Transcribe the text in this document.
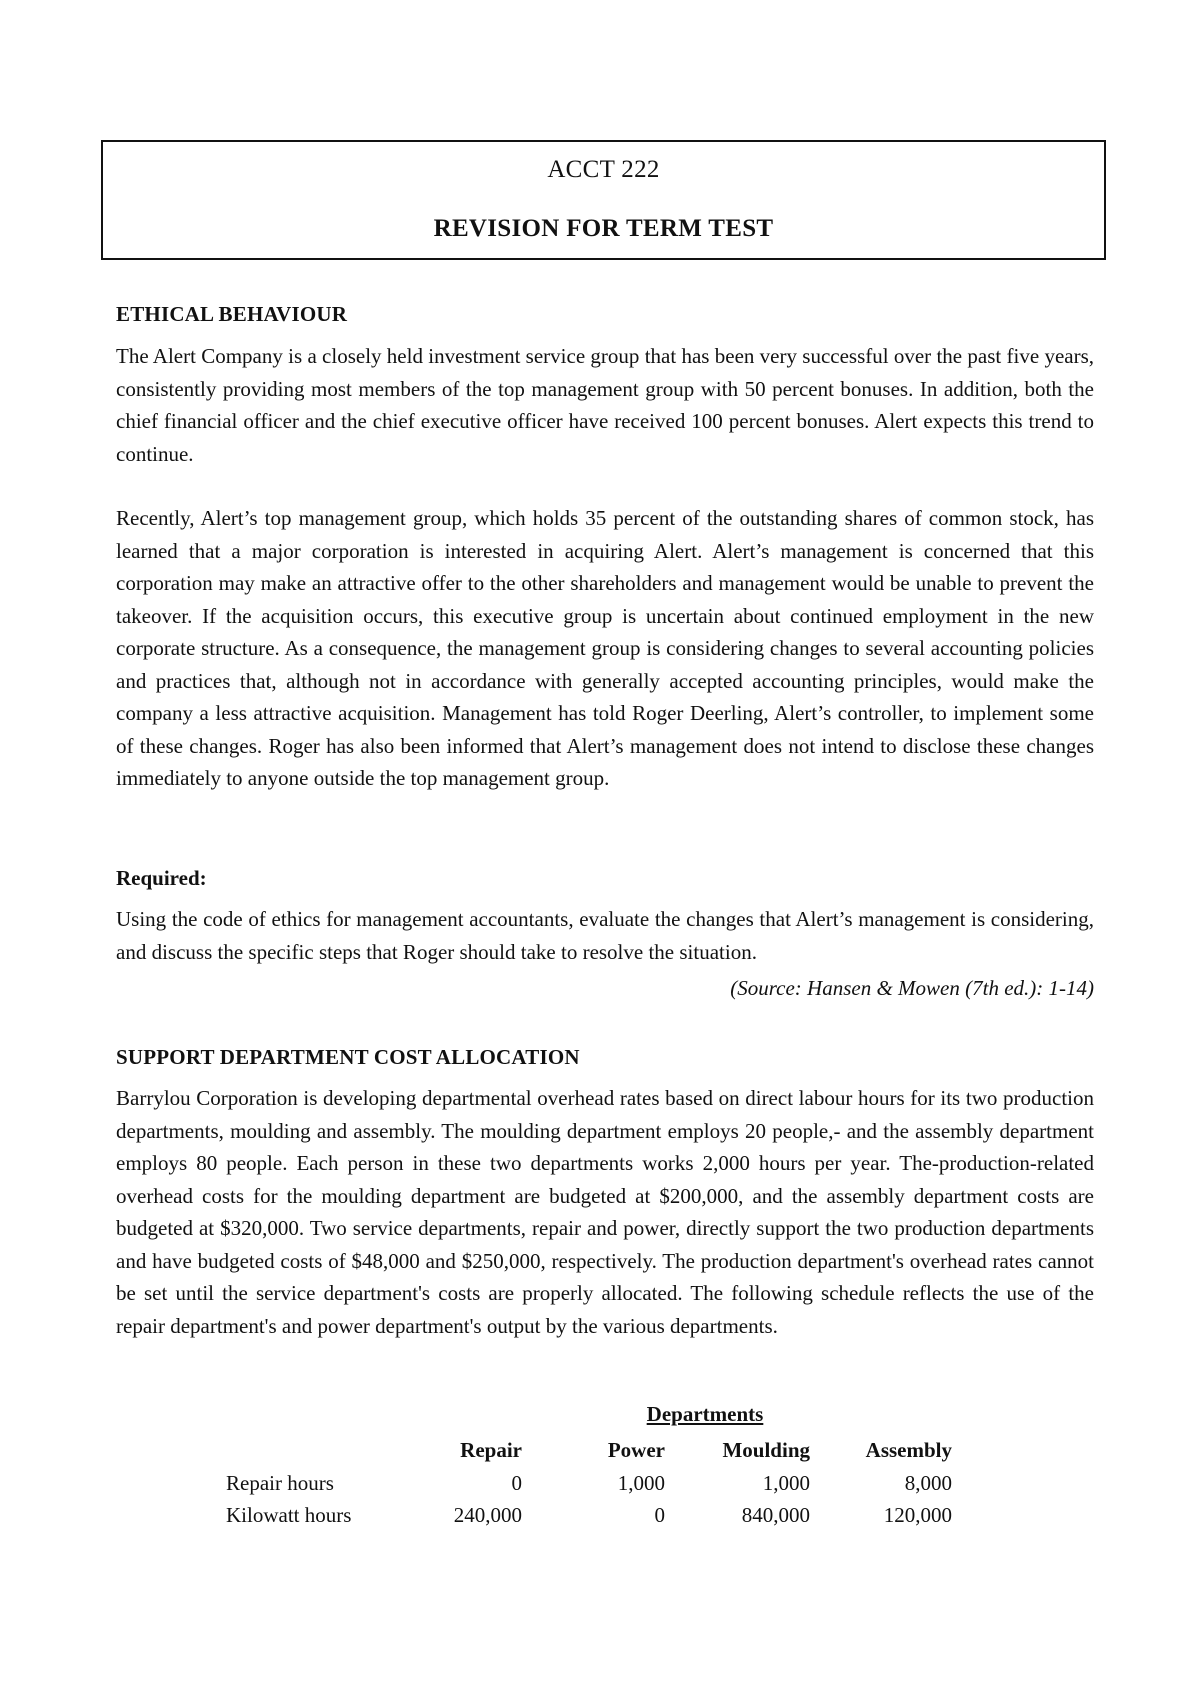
ACCT 222
REVISION FOR TERM TEST
ETHICAL BEHAVIOUR

The Alert Company is a closely held investment service group that has been very successful over the past five years, consistently providing most members of the top management group with 50 percent bonuses. In addition, both the chief financial officer and the chief executive officer have received 100 percent bonuses. Alert expects this trend to continue.

Recently, Alert’s top management group, which holds 35 percent of the outstanding shares of common stock, has learned that a major corporation is interested in acquiring Alert. Alert’s management is concerned that this corporation may make an attractive offer to the other shareholders and management would be unable to prevent the takeover. If the acquisition occurs, this executive group is uncertain about continued employment in the new corporate structure. As a consequence, the management group is considering changes to several accounting policies and practices that, although not in accordance with generally accepted accounting principles, would make the company a less attractive acquisition. Management has told Roger Deerling, Alert’s controller, to implement some of these changes. Roger has also been informed that Alert’s management does not intend to disclose these changes immediately to anyone outside the top management group.

Required:

Using the code of ethics for management accountants, evaluate the changes that Alert’s management is considering, and discuss the specific steps that Roger should take to resolve the situation.

(Source: Hansen & Mowen (7th ed.): 1-14)
SUPPORT DEPARTMENT COST ALLOCATION

Barrylou Corporation is developing departmental overhead rates based on direct labour hours for its two production departments, moulding and assembly. The moulding department employs 20 people,- and the assembly department employs 80 people. Each person in these two departments works 2,000 hours per year. The-production-related overhead costs for the moulding department are budgeted at $200,000, and the assembly department costs are budgeted at $320,000. Two service departments, repair and power, directly support the two production departments and have budgeted costs of $48,000 and $250,000, respectively. The production department's overhead rates cannot be set until the service department's costs are properly allocated. The following schedule reflects the use of the repair department's and power department's output by the various departments.

Departments
	Repair	Power	Moulding	Assembly
Repair hours	0	1,000	1,000	8,000
Kilowatt hours	240,000	0	840,000	120,000
